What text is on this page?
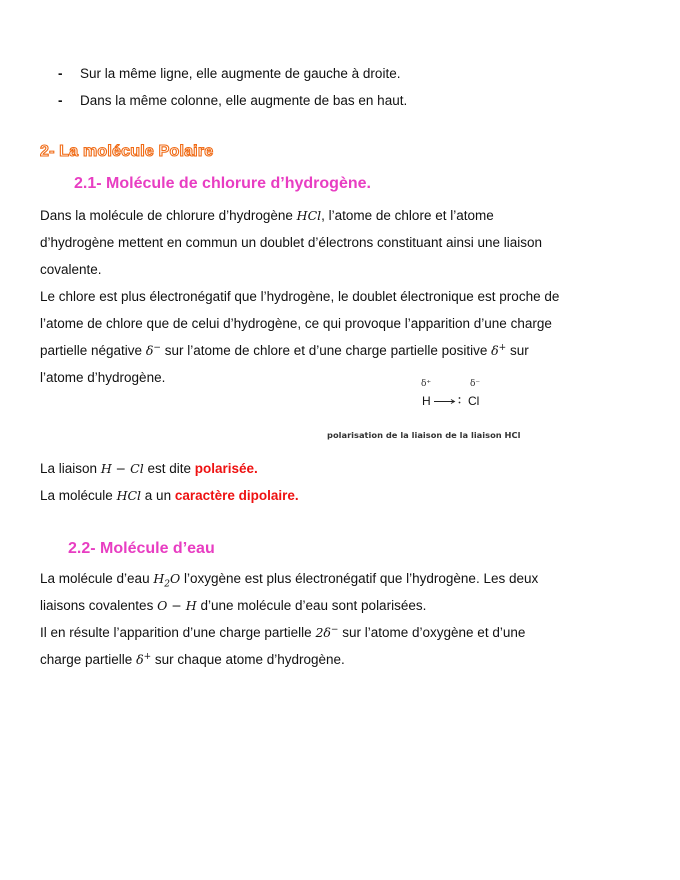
-	Sur la même ligne, elle augmente de gauche à droite.
-	Dans la même colonne, elle augmente de bas en haut.
2- La molécule Polaire
2.1- Molécule de chlorure d’hydrogène.

Dans la molécule de chlorure d’hydrogène HCl, l’atome de chlore et l’atome
d’hydrogène mettent en commun un doublet d’électrons constituant ainsi une liaison
covalente.

Le chlore est plus électronégatif que l’hydrogène, le doublet électronique est proche de
l’atome de chlore que de celui d’hydrogène, ce qui provoque l’apparition d’une charge
partielle négative δ− sur l’atome de chlore et d’une charge partielle positive δ+ sur
l’atome d’hydrogène.	δ⁺	δ⁻
H	Cl
polarisation de la liaison de la liaison HCl

La liaison H − Cl est dite polarisée.
La molécule HCl a un caractère dipolaire.

2.2- Molécule d’eau

La molécule d’eau $H_2O$ l’oxygène est plus électronégatif que l’hydrogène. Les deux
liaisons covalentes O − H d’une molécule d’eau sont polarisées.
Il en résulte l’apparition d’une charge partielle 2δ− sur l’atome d’oxygène et d’une
charge partielle δ+ sur chaque atome d’hydrogène.
